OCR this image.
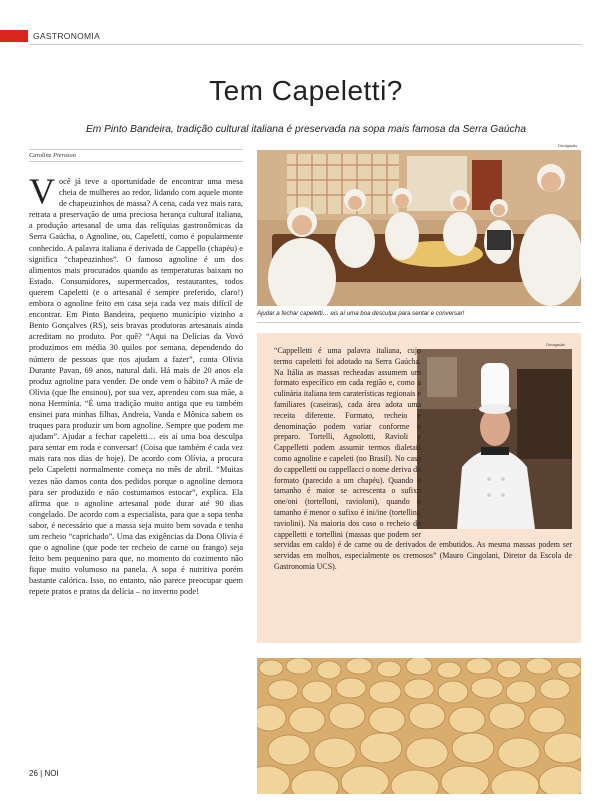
GASTRONOMIA
Tem Capeletti?

Em Pinto Bandeira, tradição cultural italiana é preservada na sopa mais famosa da Serra Gaúcha

Caroline Pieroson
Você já teve a oportunidade de encontrar uma mesa cheia de mulheres ao redor, lidando com aquele monte de chapeuzinhos de massa? A cena, cada vez mais rara, retrata a preservação de uma preciosa herança cultural italiana, a produção artesanal de uma das relíquias gastronômicas da Serra Gaúcha, o Agnoline, ou, Capeletti, como é popularmente conhecido. A palavra italiana é derivada de Cappello (chapéu) e significa “chapeuzinhos”. O famoso agnoline é um dos alimentos mais procurados quando as temperaturas baixam no Estado. Consumidores, supermercados, restaurantes, todos querem Capeletti (e o artesanal é sempre preferido, claro!) embora o agnoline feito em casa seja cada vez mais difícil de encontrar. Em Pinto Bandeira, pequeno município vizinho a Bento Gonçalves (RS), seis bravas produtoras artesanais ainda acreditam no produto. Por quê? “Aqui na Delícias da Vovó produzimos em média 30 quilos por semana, dependendo do número de pessoas que nos ajudam a fazer”, conta Olívia Durante Pavan, 69 anos, natural dali. Há mais de 20 anos ela produz agnoline para vender. De onde vem o hábito? A mãe de Olívia (que lhe ensinou), por sua vez, aprendeu com sua mãe, a nona Hermínia. “É uma tradição muito antiga que eu também ensinei para minhas filhas, Andreia, Vanda e Mônica sabem os truques para produzir um bom agnoline. Sempre que podem me ajudam”. Ajudar a fechar capeletti… eis aí uma boa desculpa para sentar em roda e conversar! (Coisa que também é cada vez mais rara nos dias de hoje). De acordo com Olívia, a procura pelo Capeletti normalmente começa no mês de abril. “Muitas vezes não damos conta dos pedidos porque o agnoline demora para ser produzido e não costumamos estocar”, explica. Ela afirma que o agnoline artesanal pode durar até 90 dias congelado. De acordo com a especialista, para que a sopa tenha sabor, é necessário que a massa seja muito bem sovada e tenha um recheio “caprichado”. Uma das exigências da Dona Olívia é que o agnoline (que pode ter recheio de carne ou frango) seja feito bem pequenino para que, no momento do cozimento não fique muito volumoso na panela. A sopa é nutritiva porém bastante calórica. Isso, no entanto, não parece preocupar quem repete pratos e pratos da delícia – no inverno pode!
Divulgação

Ajudar a fechar capeletti… eis aí uma boa desculpa para sentar e conversar!

Divulgação
“Cappelletti é uma palavra italiana, cujo termo capeletti foi adotado na Serra Gaúcha. Na Itália as massas recheadas assumem um formato específico em cada região e, como a culinária italiana tem caraterísticas regionais e familiares (caseiras), cada área adota uma receita diferente. Formato, recheio e denominação podem variar conforme o preparo. Tortelli, Agnolotti, Ravioli e Cappelletti podem assumir termos dialetais como agnoline e capeleti (no Brasil). No caso do cappelletti ou cappellacci o nome deriva do formato (parecido a um chapéu). Quando o tamanho é maior se acrescenta o sufixo one/oni (tortelloni, ravioloni), quando o tamanho é menor o sufixo é ini/ine (tortellini, raviolini). Na maioria dos caso o recheio do cappelletti e tortellini (massas que podem ser servidas em caldo) é de carne ou de derivados de embutidos. As mesma massas podem ser servidas em molhos, especialmente os cremosos” (Mauro Cingolani, Diretor da Escola de Gastronomia UCS).
26 | NOI
